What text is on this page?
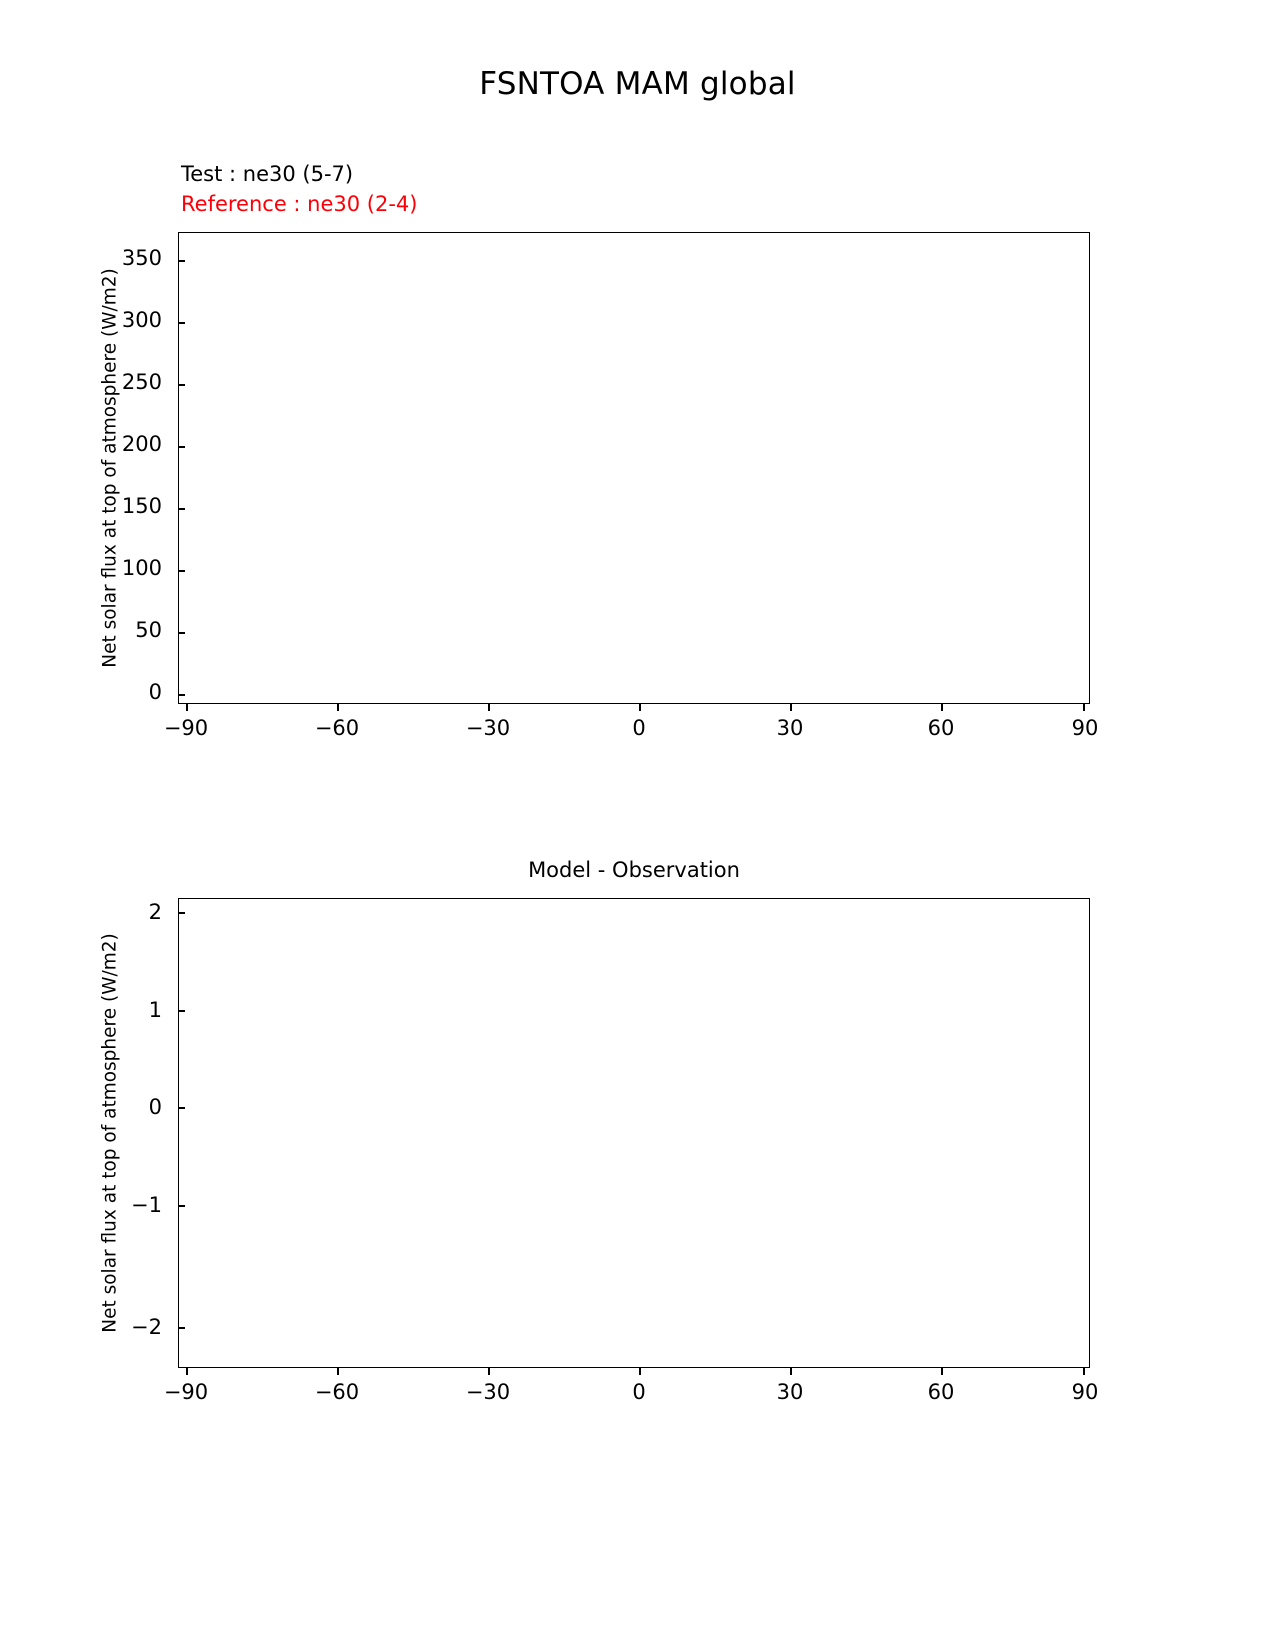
FSNTOA MAM global
Test : ne30 (5-7)
Reference : ne30 (2-4)
Net solar flux at top of atmosphere (W/m2)
0
50
100
150
200
250
300
350
−90	−60	−30	0	30	60	90
Model - Observation
Net solar flux at top of atmosphere (W/m2) −2
−1
0
1
2
−90	−60	−30	0	30	60	90
